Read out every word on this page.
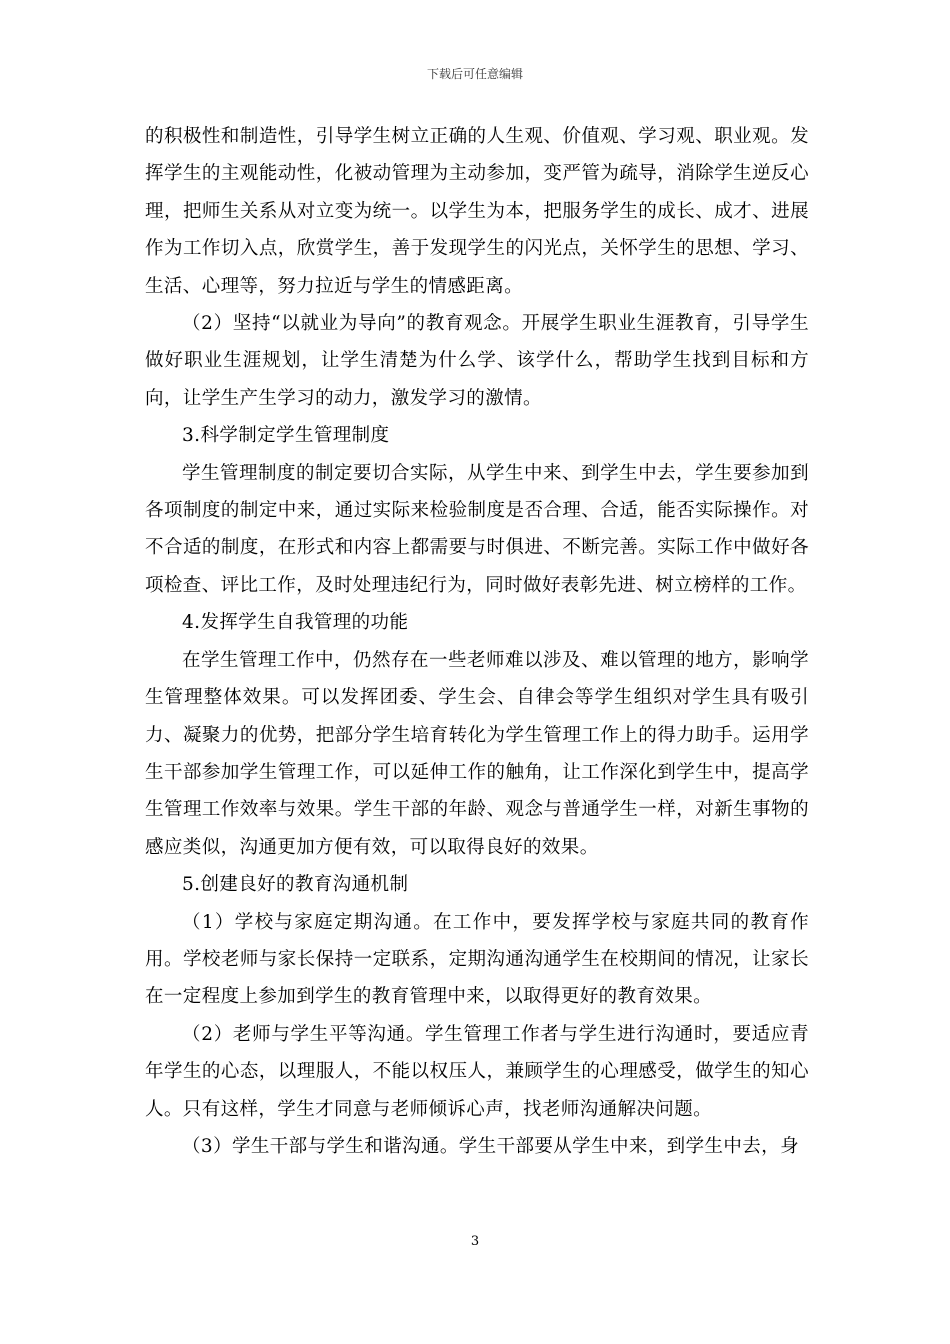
下载后可任意编辑

的积极性和制造性，引导学生树立正确的人生观、价值观、学习观、职业观。发挥学生的主观能动性，化被动管理为主动参加，变严管为疏导，消除学生逆反心理，把师生关系从对立变为统一。以学生为本，把服务学生的成长、成才、进展作为工作切入点，欣赏学生，善于发现学生的闪光点，关怀学生的思想、学习、生活、心理等，努力拉近与学生的情感距离。

（2）坚持“以就业为导向”的教育观念。开展学生职业生涯教育，引导学生做好职业生涯规划，让学生清楚为什么学、该学什么，帮助学生找到目标和方向，让学生产生学习的动力，激发学习的激情。

3.科学制定学生管理制度

学生管理制度的制定要切合实际，从学生中来、到学生中去，学生要参加到各项制度的制定中来，通过实际来检验制度是否合理、合适，能否实际操作。对不合适的制度，在形式和内容上都需要与时俱进、不断完善。实际工作中做好各项检查、评比工作，及时处理违纪行为，同时做好表彰先进、树立榜样的工作。

4.发挥学生自我管理的功能

在学生管理工作中，仍然存在一些老师难以涉及、难以管理的地方，影响学生管理整体效果。可以发挥团委、学生会、自律会等学生组织对学生具有吸引力、凝聚力的优势，把部分学生培育转化为学生管理工作上的得力助手。运用学生干部参加学生管理工作，可以延伸工作的触角，让工作深化到学生中，提高学生管理工作效率与效果。学生干部的年龄、观念与普通学生一样，对新生事物的感应类似，沟通更加方便有效，可以取得良好的效果。

5.创建良好的教育沟通机制

（1）学校与家庭定期沟通。在工作中，要发挥学校与家庭共同的教育作用。学校老师与家长保持一定联系，定期沟通沟通学生在校期间的情况，让家长在一定程度上参加到学生的教育管理中来，以取得更好的教育效果。

（2）老师与学生平等沟通。学生管理工作者与学生进行沟通时，要适应青年学生的心态，以理服人，不能以权压人，兼顾学生的心理感受，做学生的知心人。只有这样，学生才同意与老师倾诉心声，找老师沟通解决问题。

（3）学生干部与学生和谐沟通。学生干部要从学生中来，到学生中去，身

3
